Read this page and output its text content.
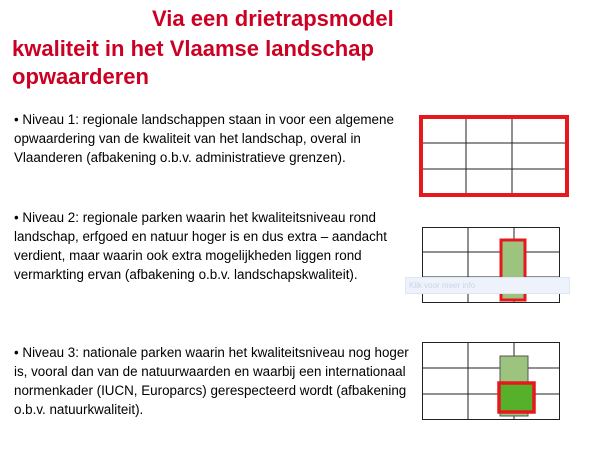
Via een drietrapsmodel
kwaliteit in het Vlaamse landschap
opwaarderen

• Niveau 1: regionale landschappen staan in voor een algemene opwaardering van de kwaliteit van het landschap, overal in Vlaanderen (afbakening o.b.v. administratieve grenzen).

• Niveau 2: regionale parken waarin het kwaliteitsniveau rond landschap, erfgoed en natuur hoger is en dus extra – aandacht verdient, maar waarin ook extra mogelijkheden liggen rond vermarkting ervan (afbakening o.b.v. landschapskwaliteit).

• Niveau 3: nationale parken waarin het kwaliteitsniveau nog hoger is, vooral dan van de natuurwaarden en waarbij een internationaal normenkader (IUCN, Europarcs) gerespecteerd wordt (afbakening o.b.v. natuurkwaliteit).

Klik voor meer info
